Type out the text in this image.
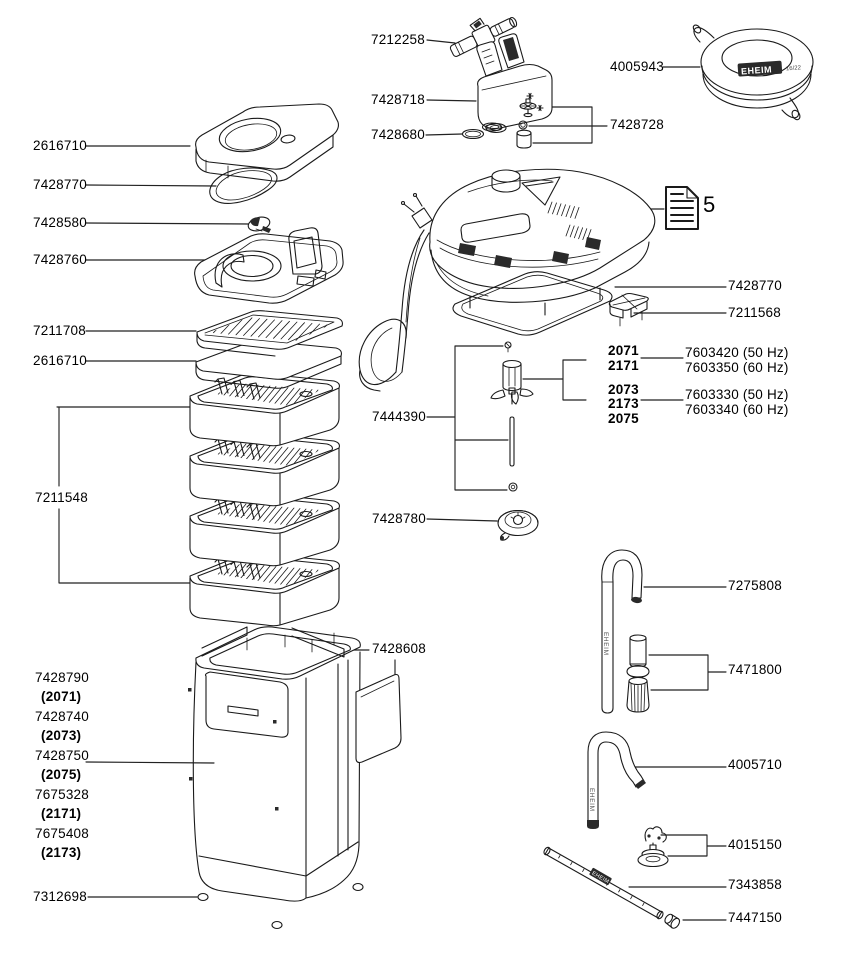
EHEIM 16/22
EHEIM
EHEIM
EHEIM
2616710
7428770
7428580
7428760
7211708
2616710
7211548
7428790
(2071)
7428740
(2073)
7428750
(2075)
7675328
(2171)
7675408
(2173)
7312698
7212258
7428718
7428680
4005943
7428728
5
7428770
7211568
7444390
2071
2171
2073
2173
2075
7603420 (50 Hz)
7603350 (60 Hz)
7603330 (50 Hz)
7603340 (60 Hz)
7428780
7428608
7275808
7471800
4005710
4015150
7343858
7447150
